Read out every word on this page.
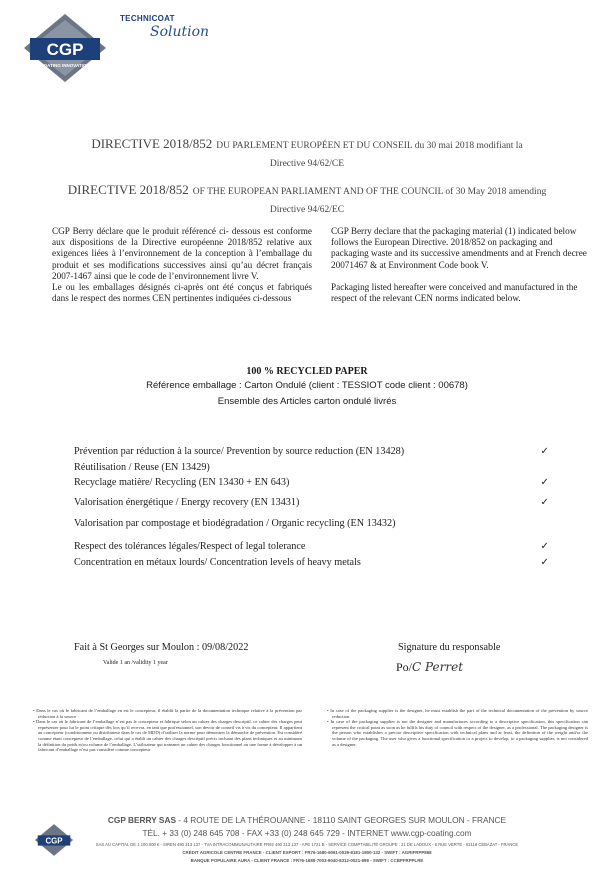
CGP
COATING INNOVATION
TECHNICOAT
Solution
DIRECTIVE 2018/852 DU PARLEMENT EUROPÉEN ET DU CONSEIL du 30 mai 2018 modifiant la
Directive 94/62/CE
DIRECTIVE 2018/852 OF THE EUROPEAN PARLIAMENT AND OF THE COUNCIL of 30 May 2018 amending
Directive 94/62/EC
CGP Berry déclare que le produit référencé ci- dessous est conforme aux dispositions de la Directive européenne 2018/852 relative aux exigences liées à l’environnement de la conception à l’emballage du produit et ses modifications successives ainsi qu’au décret français 2007-1467 ainsi que le code de l’environnement livre V.
Le ou les emballages désignés ci-après ont été conçus et fabriqués dans le respect des normes CEN pertinentes indiquées ci-dessous
CGP Berry declare that the packaging material (1) indicated below follows the European Directive. 2018/852 on packaging and packaging waste and its successive amendments and at French decree 20071467 & at Environment Code book V.
Packaging listed hereafter were conceived and manufactured in the respect of the relevant CEN norms indicated below.
100 % RECYCLED PAPER
Référence emballage : Carton Ondulé (client : TESSIOT code client : 00678)
Ensemble des Articles carton ondulé livrés
Prévention par réduction à la source/ Prevention by source reduction (EN 13428)	✓
Réutilisation / Reuse (EN 13429)
Recyclage matière/ Recycling (EN 13430 + EN 643)	✓
Valorisation énergétique / Energy recovery (EN 13431)	✓
Valorisation par compostage et biodégradation / Organic recycling (EN 13432)
Respect des tolérances légales/Respect of legal tolerance	✓
Concentration en métaux lourds/ Concentration levels of heavy metals	✓
Fait à St Georges sur Moulon : 09/08/2022
Valide 1 an /validity 1 year
Signature du responsable
Po/C Perret
• Dans le cas où le fabricant de l’emballage en est le concepteur, il établit la partie de la documentation technique relative à la prévention par réduction à la source
• Dans le cas où le fabricant de l’emballage n’est pas le concepteur et fabrique selon un cahier des charges descriptif, ce cahier des charges peut représenter pour lui le point critique dès lors qu’il recevra, en tant que professionnel, son devoir de conseil vis à vis du concepteur. Il appartient au concepteur (conditionneur ou distributeur dans le cas de MDD) d’utiliser la norme pour démontrer la démarche de prévention. Est considéré comme étant concepteur de l’emballage, celui qui a établi un cahier des charges descriptif précis incluant des plans techniques et au minimum la définition du poids et/ou volume de l’emballage. L’utilisateur qui transmet un cahier des charges fonctionnel ou une forme à développer à un fabricant d’emballage n’est pas considéré comme concepteur
• In case of the packaging supplier is the designer, he must establish the part of the technical documentation of the prevention by source reduction.
• In case of the packaging supplier is not the designer and manufactures according to a descriptive specification, this specification can represent the critical point as soon as he fulfils his duty of council with respect of the designer, as a professional. The packaging designer is the person who establishes a precise descriptive specification with technical plans and at least, the definition of the weight and/or the volume of the packaging. The user who gives a functional specification or a project to develop, to a packaging supplier, is not considered as a designer.
CGP
CGP BERRY SAS - 4 ROUTE DE LA THÉROUANNE - 18110 SAINT GEORGES SUR MOULON - FRANCE
TÉL. + 33 (0) 248 645 708 - FAX +33 (0) 248 645 729 - INTERNET www.cgp-coating.com
SAS AU CAPITAL DE 1 100 000 € - SIREN 490 313 137 - TVA INTRACOMMUNAUTAIRE FR92 490 313 137 - APE 1721 B - SERVICE COMPTABILITÉ GROUPE : 21 DE LADOUX - 6 RUE VERTE - 63118 CEBAZAT - FRANCE
CRÉDIT AGRICOLE CENTRE FRANCE - CLIENT EXPORT : FR76-1680-6061-0029-8181-1800-132 - SWIFT : AGRIFRPP868
BANQUE POPULAIRE AURA - CLIENT FRANCE : FR76-1680-7003-9040-8312-0021-698 - SWIFT : CCBPFRPPLRE
